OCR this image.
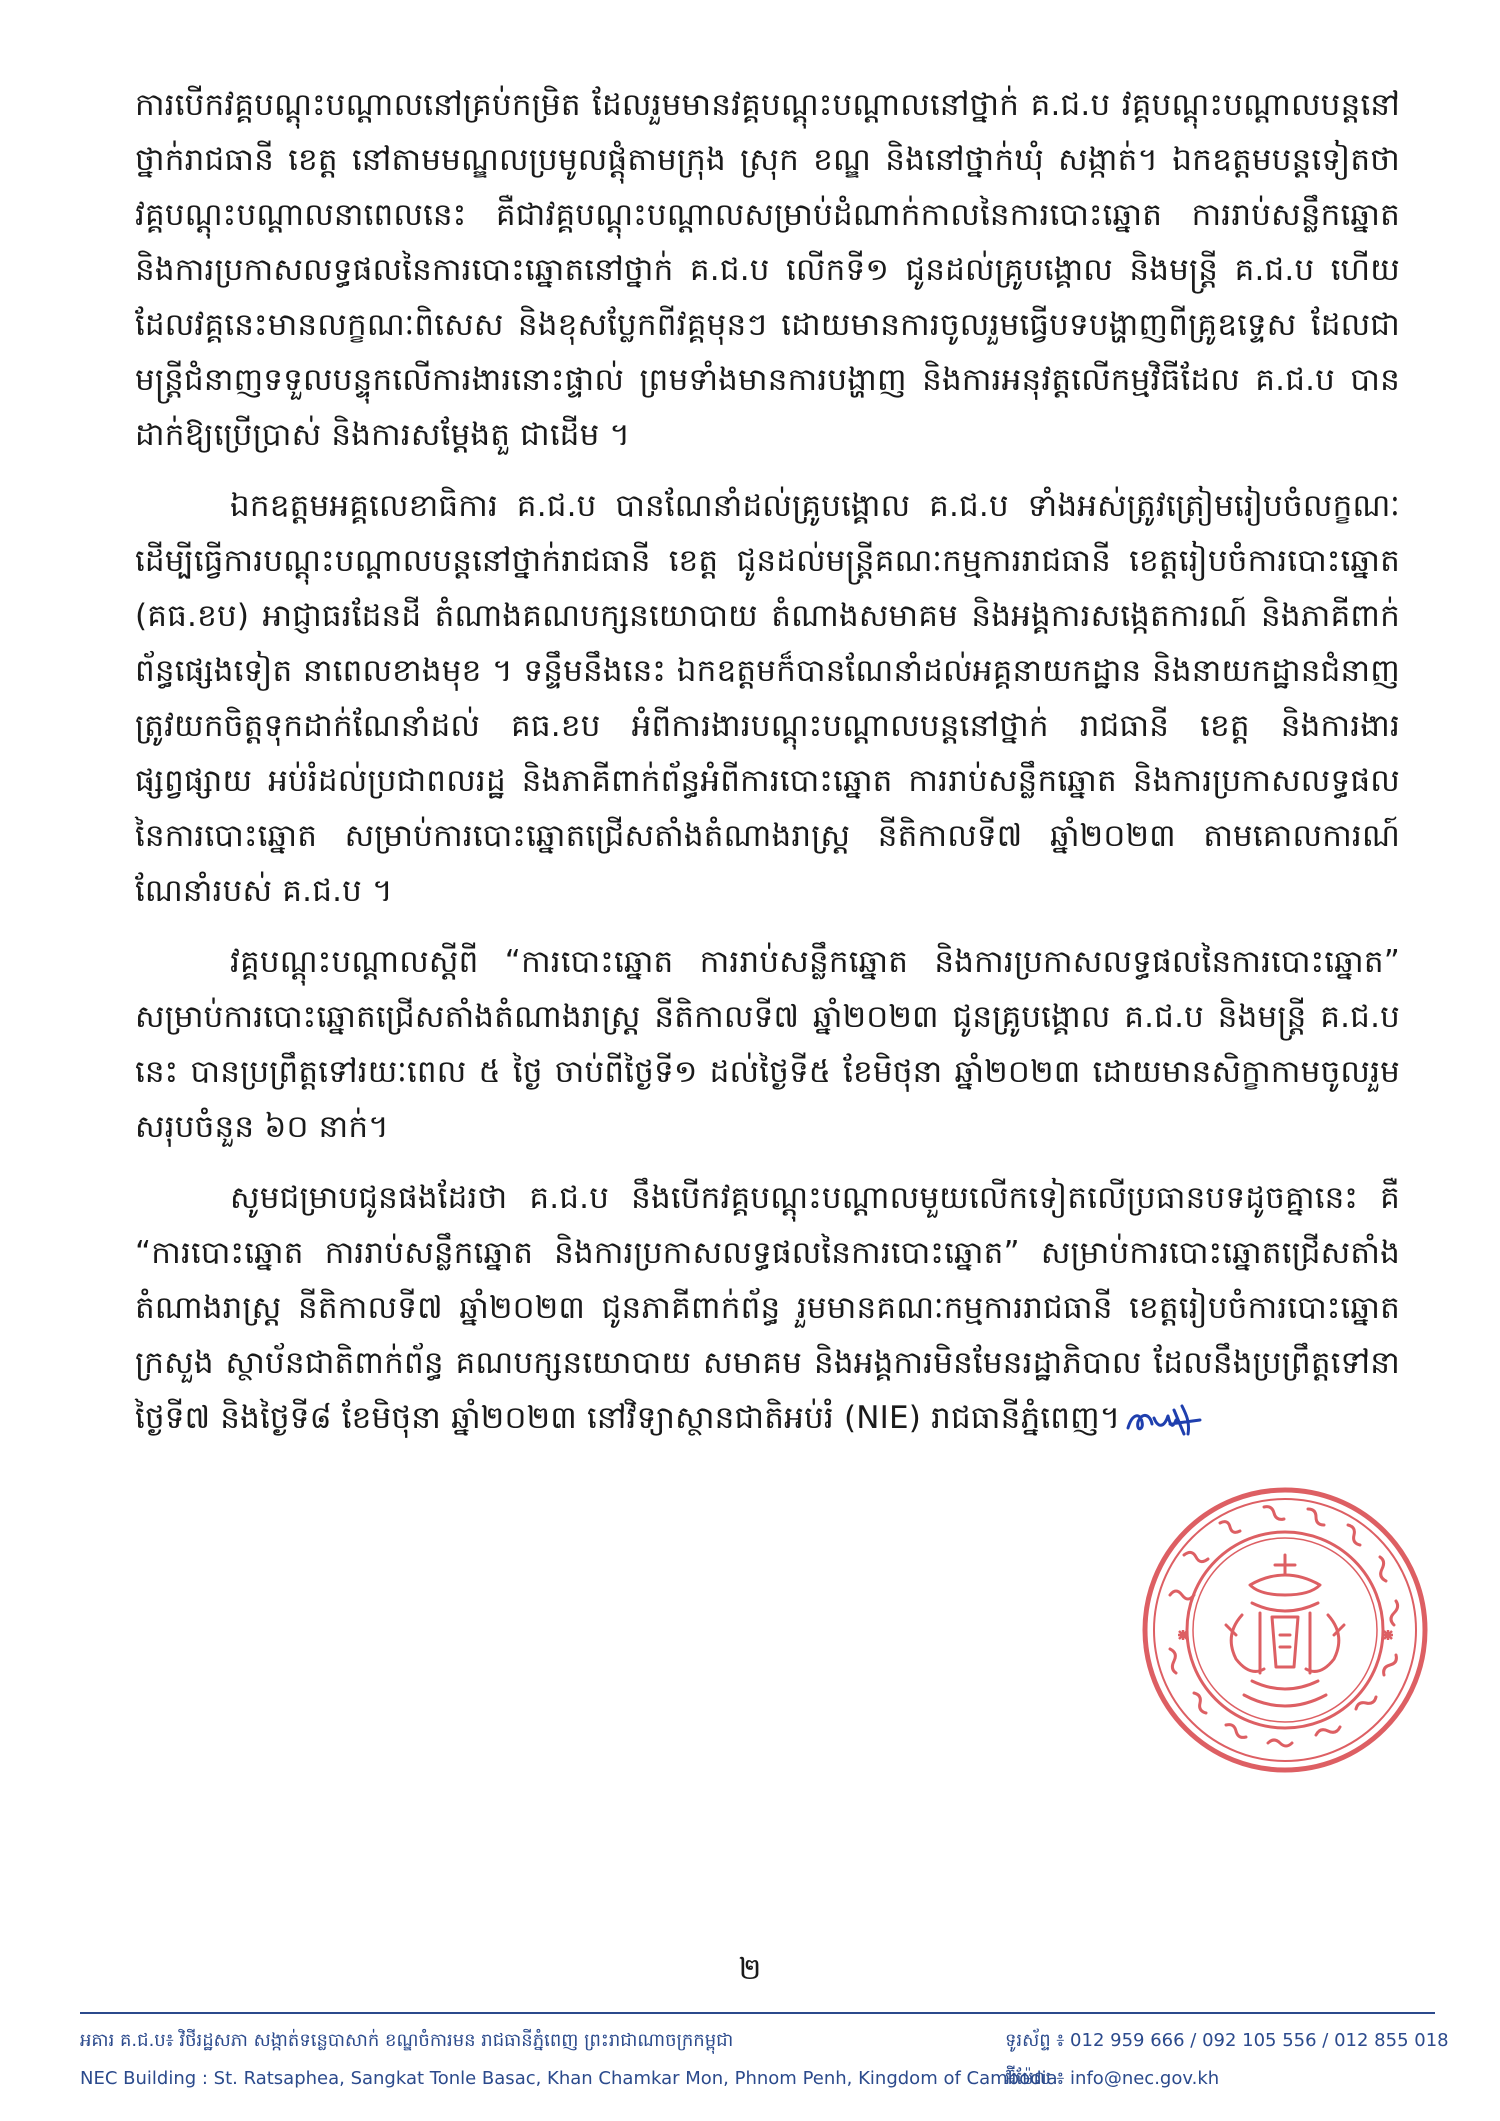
ការបើកវគ្គបណ្តុះបណ្តាលនៅគ្រប់កម្រិត ដែលរួមមានវគ្គបណ្តុះបណ្តាលនៅថ្នាក់ គ.ជ.ប វគ្គបណ្តុះបណ្តាលបន្តនៅថ្នាក់រាជធានី ខេត្ត នៅតាមមណ្ឌលប្រមូលផ្តុំតាមក្រុង ស្រុក ខណ្ឌ និងនៅថ្នាក់ឃុំ សង្កាត់។ ឯកឧត្តមបន្តទៀតថា វគ្គបណ្តុះបណ្តាលនាពេលនេះ គឺជាវគ្គបណ្តុះបណ្តាលសម្រាប់ដំណាក់កាលនៃការបោះឆ្នោត ការរាប់សន្លឹកឆ្នោត និងការប្រកាសលទ្ធផលនៃការបោះឆ្នោតនៅថ្នាក់ គ.ជ.ប លើកទី១ ជូនដល់គ្រូបង្គោល និងមន្ត្រី គ.ជ.ប ហើយដែលវគ្គនេះមានលក្ខណៈពិសេស និងខុសប្លែកពីវគ្គមុនៗ ដោយមានការចូលរួមធ្វើបទបង្ហាញពីគ្រូឧទ្ទេស ដែលជាមន្ត្រីជំនាញទទួលបន្ទុកលើការងារនោះផ្ទាល់ ព្រមទាំងមានការបង្ហាញ និងការអនុវត្តលើកម្មវិធីដែល គ.ជ.ប បានដាក់ឱ្យប្រើប្រាស់ និងការសម្តែងតួ ជាដើម ។

ឯកឧត្តមអគ្គលេខាធិការ គ.ជ.ប បានណែនាំដល់គ្រូបង្គោល គ.ជ.ប ទាំងអស់ត្រូវត្រៀមរៀបចំលក្ខណៈដើម្បីធ្វើការបណ្តុះបណ្តាលបន្តនៅថ្នាក់រាជធានី ខេត្ត ជូនដល់មន្ត្រីគណៈកម្មការរាជធានី ខេត្តរៀបចំការបោះឆ្នោត (គធ.ខប) អាជ្ញាធរដែនដី តំណាងគណបក្សនយោបាយ តំណាងសមាគម និងអង្គការសង្កេតការណ៍ និងភាគីពាក់ព័ន្ធផ្សេងទៀត នាពេលខាងមុខ ។ ទន្ទឹមនឹងនេះ ឯកឧត្តមក៏បានណែនាំដល់អគ្គនាយកដ្ឋាន និងនាយកដ្ឋានជំនាញ ត្រូវយកចិត្តទុកដាក់ណែនាំដល់ គធ.ខប អំពីការងារបណ្តុះបណ្តាលបន្តនៅថ្នាក់ រាជធានី ខេត្ត និងការងារផ្សព្វផ្សាយ អប់រំដល់ប្រជាពលរដ្ឋ និងភាគីពាក់ព័ន្ធអំពីការបោះឆ្នោត ការរាប់សន្លឹកឆ្នោត និងការប្រកាសលទ្ធផលនៃការបោះឆ្នោត សម្រាប់ការបោះឆ្នោតជ្រើសតាំងតំណាងរាស្ត្រ នីតិកាលទី៧ ឆ្នាំ២០២៣ តាមគោលការណ៍ណែនាំរបស់ គ.ជ.ប ។

វគ្គបណ្តុះបណ្តាលស្តីពី “ការបោះឆ្នោត ការរាប់សន្លឹកឆ្នោត និងការប្រកាសលទ្ធផលនៃការបោះឆ្នោត” សម្រាប់ការបោះឆ្នោតជ្រើសតាំងតំណាងរាស្ត្រ នីតិកាលទី៧ ឆ្នាំ២០២៣ ជូនគ្រូបង្គោល គ.ជ.ប និងមន្ត្រី គ.ជ.ប នេះ បានប្រព្រឹត្តទៅរយៈពេល ៥ ថ្ងៃ ចាប់ពីថ្ងៃទី១ ដល់ថ្ងៃទី៥ ខែមិថុនា ឆ្នាំ២០២៣ ដោយមានសិក្ខាកាមចូលរួមសរុបចំនួន ៦០ នាក់។

សូមជម្រាបជូនផងដែរថា គ.ជ.ប នឹងបើកវគ្គបណ្តុះបណ្តាលមួយលើកទៀតលើប្រធានបទដូចគ្នានេះ គឺ “ការបោះឆ្នោត ការរាប់សន្លឹកឆ្នោត និងការប្រកាសលទ្ធផលនៃការបោះឆ្នោត” សម្រាប់ការបោះឆ្នោតជ្រើសតាំងតំណាងរាស្ត្រ នីតិកាលទី៧ ឆ្នាំ២០២៣ ជូនភាគីពាក់ព័ន្ធ រួមមានគណៈកម្មការរាជធានី ខេត្តរៀបចំការបោះឆ្នោត ក្រសួង ស្ថាប័នជាតិពាក់ព័ន្ធ គណបក្សនយោបាយ សមាគម និងអង្គការមិនមែនរដ្ឋាភិបាល ដែលនឹងប្រព្រឹត្តទៅនាថ្ងៃទី៧ និងថ្ងៃទី៨ ខែមិថុនា ឆ្នាំ២០២៣ នៅវិទ្យាស្ថានជាតិអប់រំ (NIE) រាជធានីភ្នំពេញ។

២
អគារ គ.ជ.ប៖ វិថីរដ្ឋសភា សង្កាត់ទន្លេបាសាក់ ខណ្ឌចំការមន រាជធានីភ្នំពេញ ព្រះរាជាណាចក្រកម្ពុជា
NEC Building : St. Ratsaphea, Sangkat Tonle Basac, Khan Chamkar Mon, Phnom Penh, Kingdom of Cambodia
ទូរស័ព្ទ ៖ 012 959 666 / 092 105 556 / 012 855 018
អ៊ីម៉ែល ៖ info@nec.gov.kh
